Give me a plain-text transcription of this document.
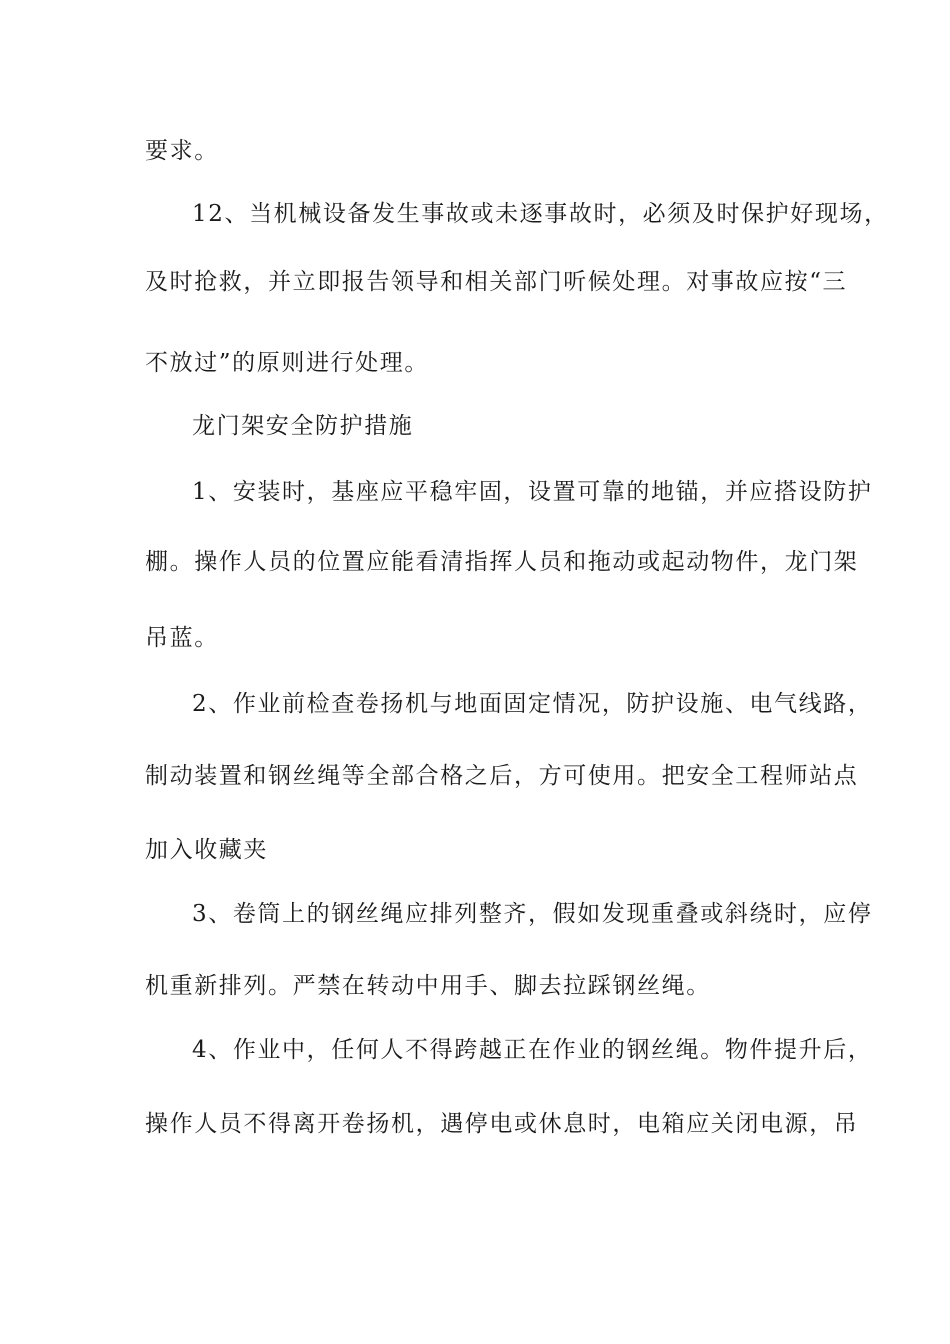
要求。
12、当机械设备发生事故或未逐事故时，必须及时保护好现场，
及时抢救，并立即报告领导和相关部门听候处理。对事故应按“三
不放过”的原则进行处理。
龙门架安全防护措施
1、安装时，基座应平稳牢固，设置可靠的地锚，并应搭设防护
棚。操作人员的位置应能看清指挥人员和拖动或起动物件，龙门架
吊蓝。
2、作业前检查卷扬机与地面固定情况，防护设施、电气线路，
制动装置和钢丝绳等全部合格之后，方可使用。把安全工程师站点
加入收藏夹
3、卷筒上的钢丝绳应排列整齐，假如发现重叠或斜绕时，应停
机重新排列。严禁在转动中用手、脚去拉踩钢丝绳。
4、作业中，任何人不得跨越正在作业的钢丝绳。物件提升后，
操作人员不得离开卷扬机，遇停电或休息时，电箱应关闭电源，吊
